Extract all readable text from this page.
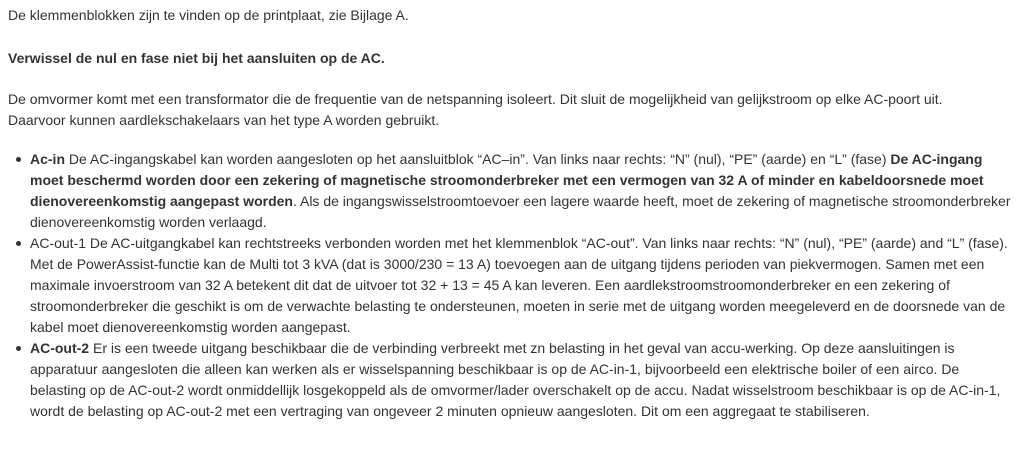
De klemmenblokken zijn te vinden op de printplaat, zie Bijlage A.

Verwissel de nul en fase niet bij het aansluiten op de AC.

De omvormer komt met een transformator die de frequentie van de netspanning isoleert. Dit sluit de mogelijkheid van gelijkstroom op elke AC-poort uit. Daarvoor kunnen aardlekschakelaars van het type A worden gebruikt.

Ac-in De AC-ingangskabel kan worden aangesloten op het aansluitblok “AC–in”. Van links naar rechts: “N” (nul), “PE” (aarde) en “L” (fase) De AC-ingang moet beschermd worden door een zekering of magnetische stroomonderbreker met een vermogen van 32 A of minder en kabeldoorsnede moet dienovereenkomstig aangepast worden. Als de ingangswisselstroomtoevoer een lagere waarde heeft, moet de zekering of magnetische stroomonderbreker dienovereenkomstig worden verlaagd.
AC-out-1 De AC-uitgangkabel kan rechtstreeks verbonden worden met het klemmenblok “AC-out”. Van links naar rechts: “N” (nul), “PE” (aarde) and “L” (fase). Met de PowerAssist-functie kan de Multi tot 3 kVA (dat is 3000/230 = 13 A) toevoegen aan de uitgang tijdens perioden van piekvermogen. Samen met een maximale invoerstroom van 32 A betekent dit dat de uitvoer tot 32 + 13 = 45 A kan leveren. Een aardlekstroomstroomonderbreker en een zekering of stroomonderbreker die geschikt is om de verwachte belasting te ondersteunen, moeten in serie met de uitgang worden meegeleverd en de doorsnede van de kabel moet dienovereenkomstig worden aangepast.
AC-out-2 Er is een tweede uitgang beschikbaar die de verbinding verbreekt met zn belasting in het geval van accu-werking. Op deze aansluitingen is apparatuur aangesloten die alleen kan werken als er wisselspanning beschikbaar is op de AC-in-1, bijvoorbeeld een elektrische boiler of een airco. De belasting op de AC-out-2 wordt onmiddellijk losgekoppeld als de omvormer/lader overschakelt op de accu. Nadat wisselstroom beschikbaar is op de AC-in-1, wordt de belasting op AC-out-2 met een vertraging van ongeveer 2 minuten opnieuw aangesloten. Dit om een aggregaat te stabiliseren.
